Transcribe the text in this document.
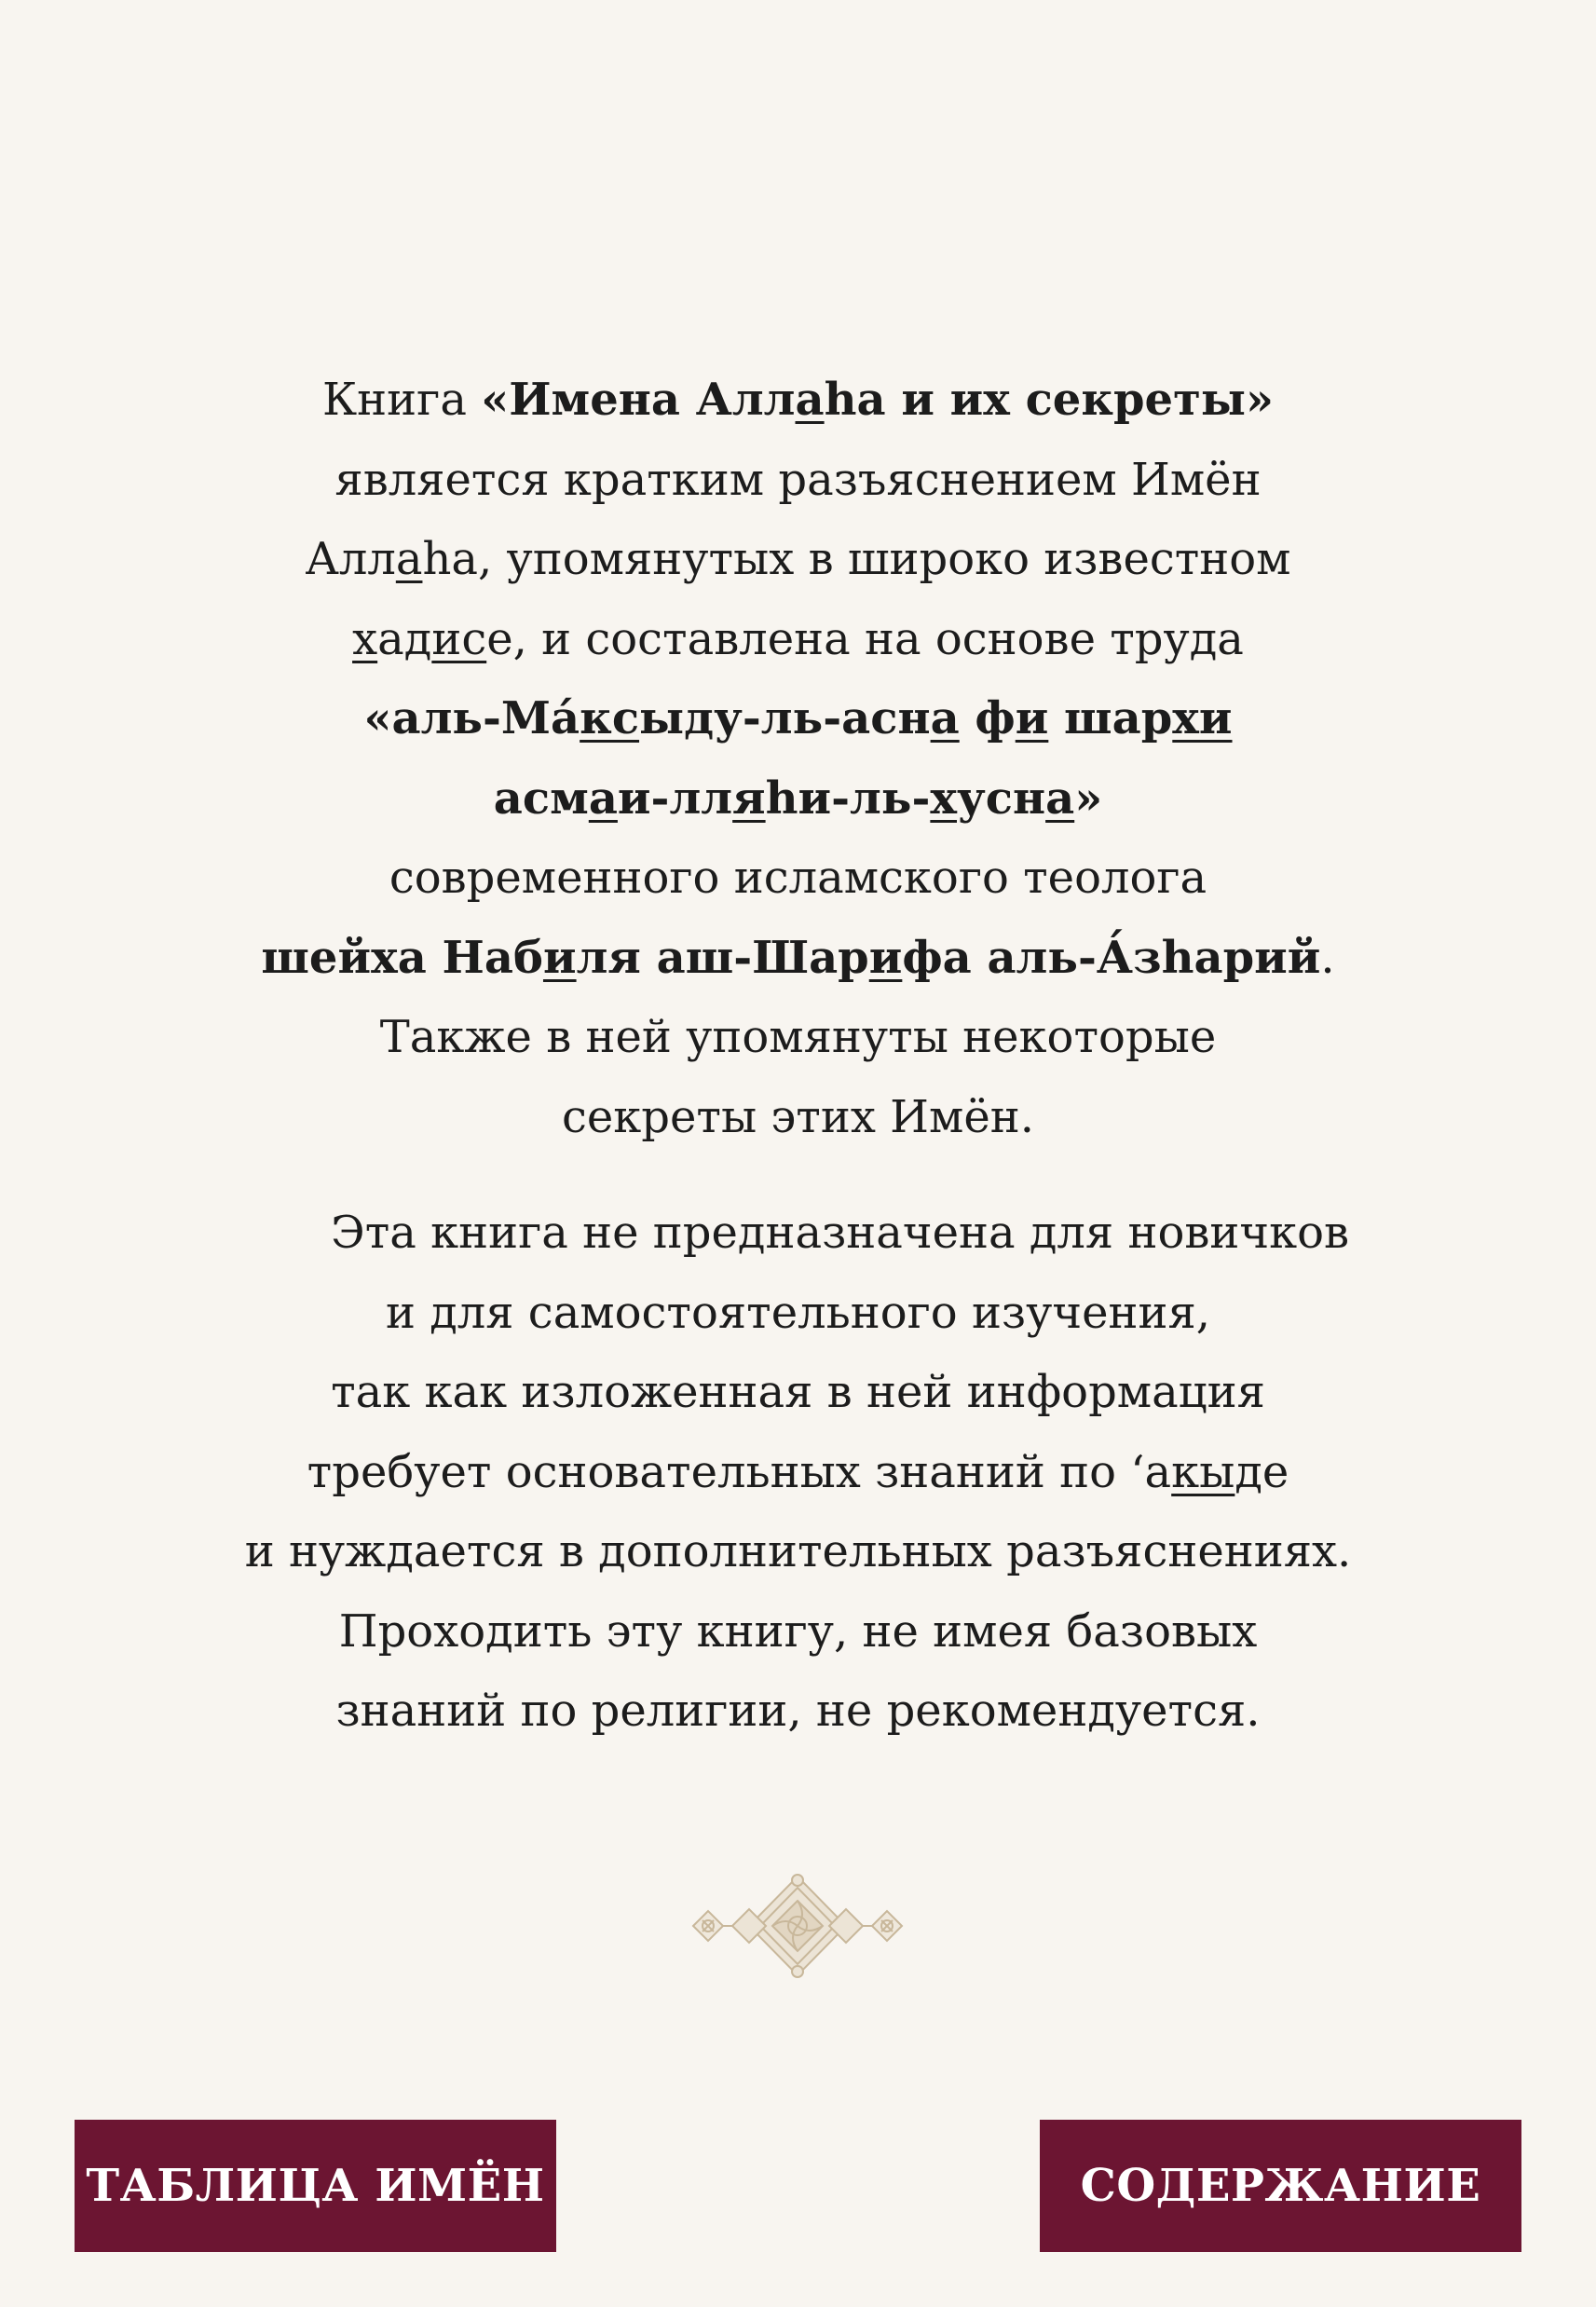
Книга «Имена Аллаhа и их секреты»
является кратким разъяснением Имён
Аллаhа, упомянутых в широко известном
хадисе, и составлена на основе труда
«аль-Ма́ксыду-ль-асна фи шархи
асмаи-лляhи-ль-хусна»
современного исламского теолога
шейха Набиля аш-Шарифа аль-А́зhарий.
Также в ней упомянуты некоторые
секреты этих Имён.
Эта книга не предназначена для новичков
и для самостоятельного изучения,
так как изложенная в ней информация
требует основательных знаний по ‘акыде
и нуждается в дополнительных разъяснениях.
Проходить эту книгу, не имея базовых
знаний по религии, не рекомендуется.
ТАБЛИЦА ИМЁН	СОДЕРЖАНИЕ
